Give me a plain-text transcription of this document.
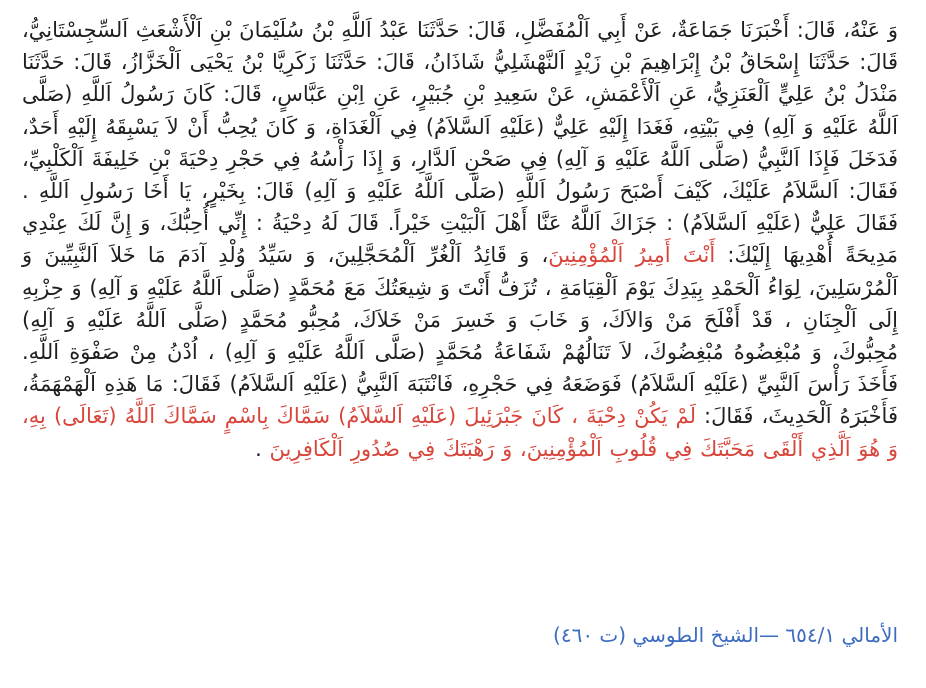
وَ عَنْهُ، قَالَ: أَخْبَرَنَا جَمَاعَةٌ، عَنْ أَبِي اَلْمُفَضَّلِ، قَالَ: حَدَّثَنَا عَبْدُ اَللَّهِ بْنُ سُلَيْمَانَ بْنِ اَلْأَشْعَثِ اَلسِّجِسْتَانِيُّ، قَالَ: حَدَّثَنَا إِسْحَاقُ بْنُ إِبْرَاهِيمَ بْنِ زَيْدٍ اَلنَّهْشَلِيُّ شَاذَانُ، قَالَ: حَدَّثَنَا زَكَرِيَّا بْنُ يَحْيَى اَلْخَزَّازُ، قَالَ: حَدَّثَنَا مَنْدَلُ بْنُ عَلِيٍّ اَلْعَنَزِيُّ، عَنِ اَلْأَعْمَشِ، عَنْ سَعِيدِ بْنِ جُبَيْرٍ، عَنِ اِبْنِ عَبَّاسٍ، قَالَ: كَانَ رَسُولُ اَللَّهِ (صَلَّى اَللَّهُ عَلَيْهِ وَ آلِهِ) فِي بَيْتِهِ، فَغَدَا إِلَيْهِ عَلِيٌّ (عَلَيْهِ اَلسَّلاَمُ) فِي اَلْغَدَاةِ، وَ كَانَ يُحِبُّ أَنْ لاَ يَسْبِقَهُ إِلَيْهِ أَحَدٌ، فَدَخَلَ فَإِذَا اَلنَّبِيُّ (صَلَّى اَللَّهُ عَلَيْهِ وَ آلِهِ) فِي صَحْنِ اَلدَّارِ، وَ إِذَا رَأْسُهُ فِي حَجْرِ دِحْيَةَ بْنِ خَلِيفَةَ اَلْكَلْبِيِّ، فَقَالَ: اَلسَّلاَمُ عَلَيْكَ، كَيْفَ أَصْبَحَ رَسُولُ اَللَّهِ (صَلَّى اَللَّهُ عَلَيْهِ وَ آلِهِ) قَالَ: بِخَيْرٍ، يَا أَخَا رَسُولِ اَللَّهِ . فَقَالَ عَلِيٌّ (عَلَيْهِ اَلسَّلاَمُ) : جَزَاكَ اَللَّهُ عَنَّا أَهْلَ اَلْبَيْتِ خَيْراً. قَالَ لَهُ دِحْيَةُ : إِنِّي أُحِبُّكَ، وَ إِنَّ لَكَ عِنْدِي مَدِيحَةً أُهْدِيهَا إِلَيْكَ: أَنْتَ أَمِيرُ اَلْمُؤْمِنِينَ، وَ قَائِدُ اَلْغُرِّ اَلْمُحَجَّلِينَ، وَ سَيِّدُ وُلْدِ آدَمَ مَا خَلاَ اَلنَّبِيِّينَ وَ اَلْمُرْسَلِينَ، لِوَاءُ اَلْحَمْدِ بِيَدِكَ يَوْمَ اَلْقِيَامَةِ ، تُزَفُّ أَنْتَ وَ شِيعَتُكَ مَعَ مُحَمَّدٍ (صَلَّى اَللَّهُ عَلَيْهِ وَ آلِهِ) وَ حِزْبِهِ إِلَى اَلْجِنَانِ ، قَدْ أَفْلَحَ مَنْ وَالاَكَ، وَ خَابَ وَ خَسِرَ مَنْ خَلاَكَ، مُحِبُّو مُحَمَّدٍ (صَلَّى اَللَّهُ عَلَيْهِ وَ آلِهِ) مُحِبُّوكَ، وَ مُبْغِضُوهُ مُبْغِضُوكَ، لاَ تَنَالُهُمْ شَفَاعَةُ مُحَمَّدٍ (صَلَّى اَللَّهُ عَلَيْهِ وَ آلِهِ) ، اُدْنُ مِنْ صَفْوَةِ اَللَّهِ. فَأَخَذَ رَأْسَ اَلنَّبِيِّ (عَلَيْهِ اَلسَّلاَمُ) فَوَضَعَهُ فِي حَجْرِهِ، فَانْتَبَهَ اَلنَّبِيُّ (عَلَيْهِ اَلسَّلاَمُ) فَقَالَ: مَا هَذِهِ اَلْهَمْهَمَةُ، فَأَخْبَرَهُ اَلْحَدِيثَ، فَقَالَ: لَمْ يَكُنْ دِحْيَةَ ، كَانَ جَبْرَئِيلَ (عَلَيْهِ اَلسَّلاَمُ) سَمَّاكَ بِاسْمٍ سَمَّاكَ اَللَّهُ (تَعَالَى) بِهِ، وَ هُوَ اَلَّذِي أَلْقَى مَحَبَّتَكَ فِي قُلُوبِ اَلْمُؤْمِنِينَ، وَ رَهْبَتَكَ فِي صُدُورِ اَلْكَافِرِينَ .
الأمالي ٦٥٤/١ —الشيخ الطوسي (ت ٤٦٠)
